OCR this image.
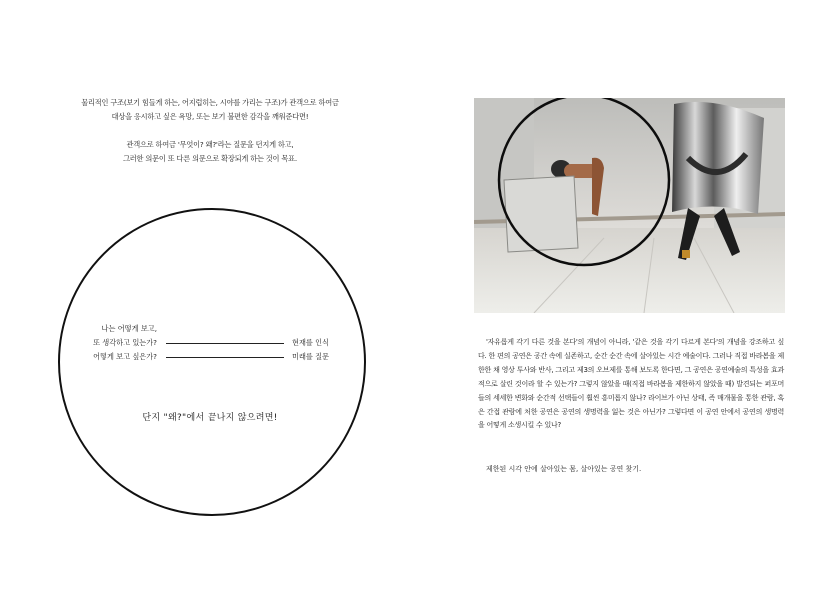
물리적인 구조(보기 힘들게 하는, 어지럽히는, 시야를 가리는 구조)가 관객으로 하여금

대상을 응시하고 싶은 욕망, 또는 보기 불편한 감각을 깨워준다면!

관객으로 하여금 '무엇이? 왜?'라는 질문을 던지게 하고,

그러한 의문이 또 다른 의문으로 확장되게 하는 것이 목표.

나는 어떻게 보고,
또 생각하고 있는가?
어떻게 보고 싶은가?
현재를 인식
미래를 질문
단지 "왜?"에서 끝나지 않으려면!

'자유롭게 각기 다른 것을 본다'의 개념이 아니라, '같은 것을 각기 다르게 본다'의 개념을 강조하고 싶다. 한 편의 공연은 공간 속에 실존하고, 순간 순간 속에 살아있는 시간 예술이다. 그러나 직접 바라봄을 제한한 채 영상 투사와 반사, 그리고 제3의 오브제를 통해 보도록 한다면, 그 공연은 공연예술의 특성을 효과적으로 살린 것이라 할 수 있는가? 그렇지 않았을 때(직접 바라봄을 제한하지 않았을 때) 발견되는 퍼포머들의 세세한 변화와 순간적 선택들이 훨씬 흥미롭지 않나? 라이브가 아닌 상태, 즉 매개물을 통한 관람, 혹은 간접 관람에 처한 공연은 공연의 생명력을 잃는 것은 아닌가? 그렇다면 이 공연 안에서 공연의 생명력을 어떻게 소생시킬 수 있나?

제한된 시각 안에 살아있는 몸, 살아있는 공연 찾기.
